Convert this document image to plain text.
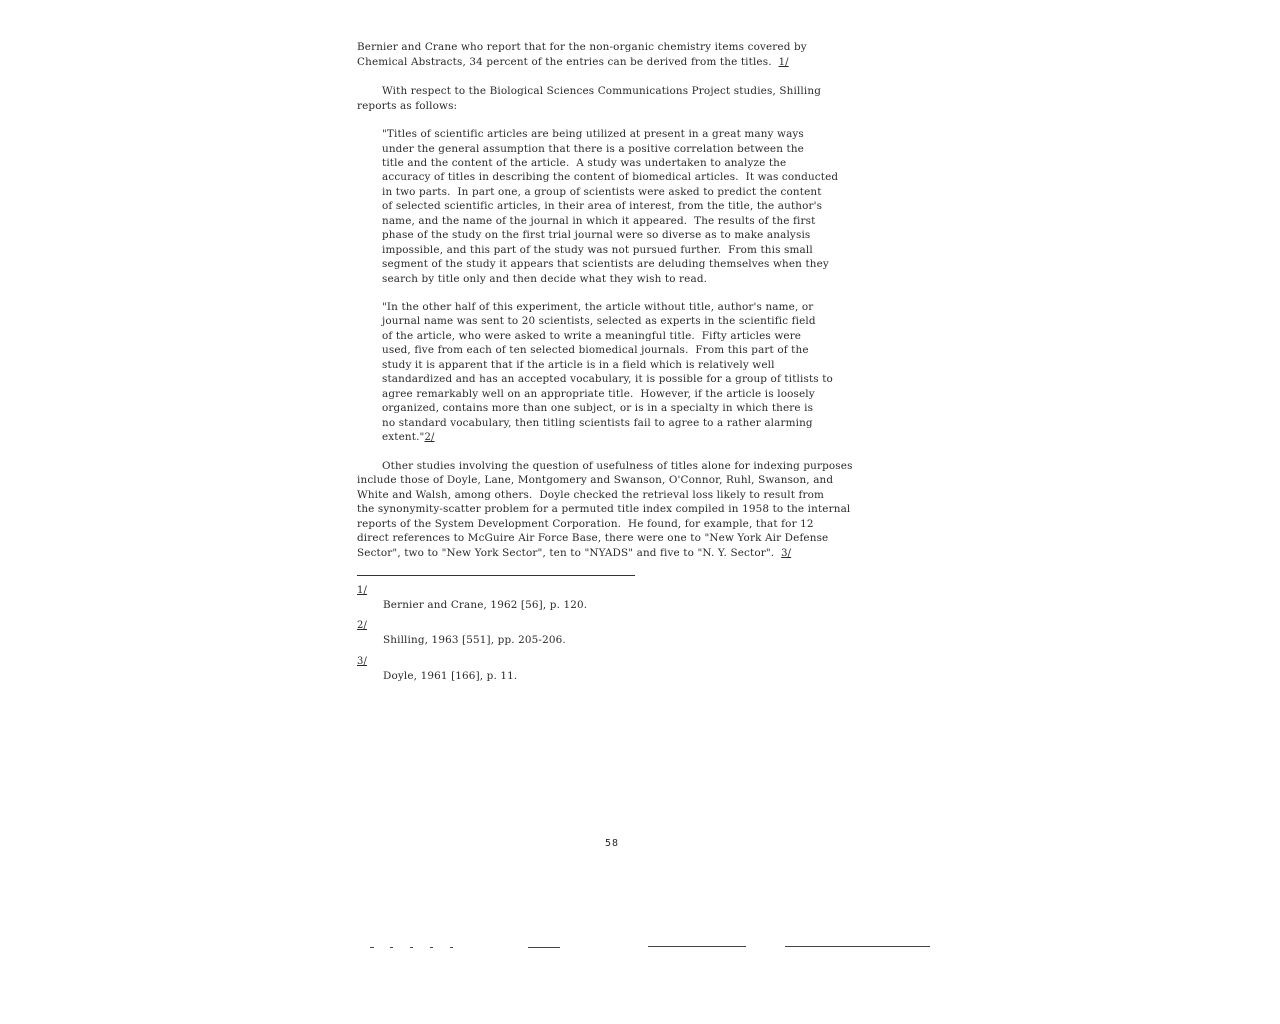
Bernier and Crane who report that for the non-organic chemistry items covered by
Chemical Abstracts, 34 percent of the entries can be derived from the titles. 1/
With respect to the Biological Sciences Communications Project studies, Shilling
reports as follows:
"Titles of scientific articles are being utilized at present in a great many ways
under the general assumption that there is a positive correlation between the
title and the content of the article.  A study was undertaken to analyze the
accuracy of titles in describing the content of biomedical articles.  It was conducted
in two parts.  In part one, a group of scientists were asked to predict the content
of selected scientific articles, in their area of interest, from the title, the author's
name, and the name of the journal in which it appeared.  The results of the first
phase of the study on the first trial journal were so diverse as to make analysis
impossible, and this part of the study was not pursued further.  From this small
segment of the study it appears that scientists are deluding themselves when they
search by title only and then decide what they wish to read.
"In the other half of this experiment, the article without title, author's name, or
journal name was sent to 20 scientists, selected as experts in the scientific field
of the article, who were asked to write a meaningful title.  Fifty articles were
used, five from each of ten selected biomedical journals.  From this part of the
study it is apparent that if the article is in a field which is relatively well
standardized and has an accepted vocabulary, it is possible for a group of titlists to
agree remarkably well on an appropriate title.  However, if the article is loosely
organized, contains more than one subject, or is in a specialty in which there is
no standard vocabulary, then titling scientists fail to agree to a rather alarming
extent."2/
Other studies involving the question of usefulness of titles alone for indexing purposes
include those of Doyle, Lane, Montgomery and Swanson, O'Connor, Ruhl, Swanson, and
White and Walsh, among others.  Doyle checked the retrieval loss likely to result from
the synonymity-scatter problem for a permuted title index compiled in 1958 to the internal
reports of the System Development Corporation.  He found, for example, that for 12
direct references to McGuire Air Force Base, there were one to "New York Air Defense
Sector", two to "New York Sector", ten to "NYADS" and five to "N. Y. Sector". 3/
1/
Bernier and Crane, 1962 [56], p. 120.
2/
Shilling, 1963 [551], pp. 205-206.
3/
Doyle, 1961 [166], p. 11.
58
